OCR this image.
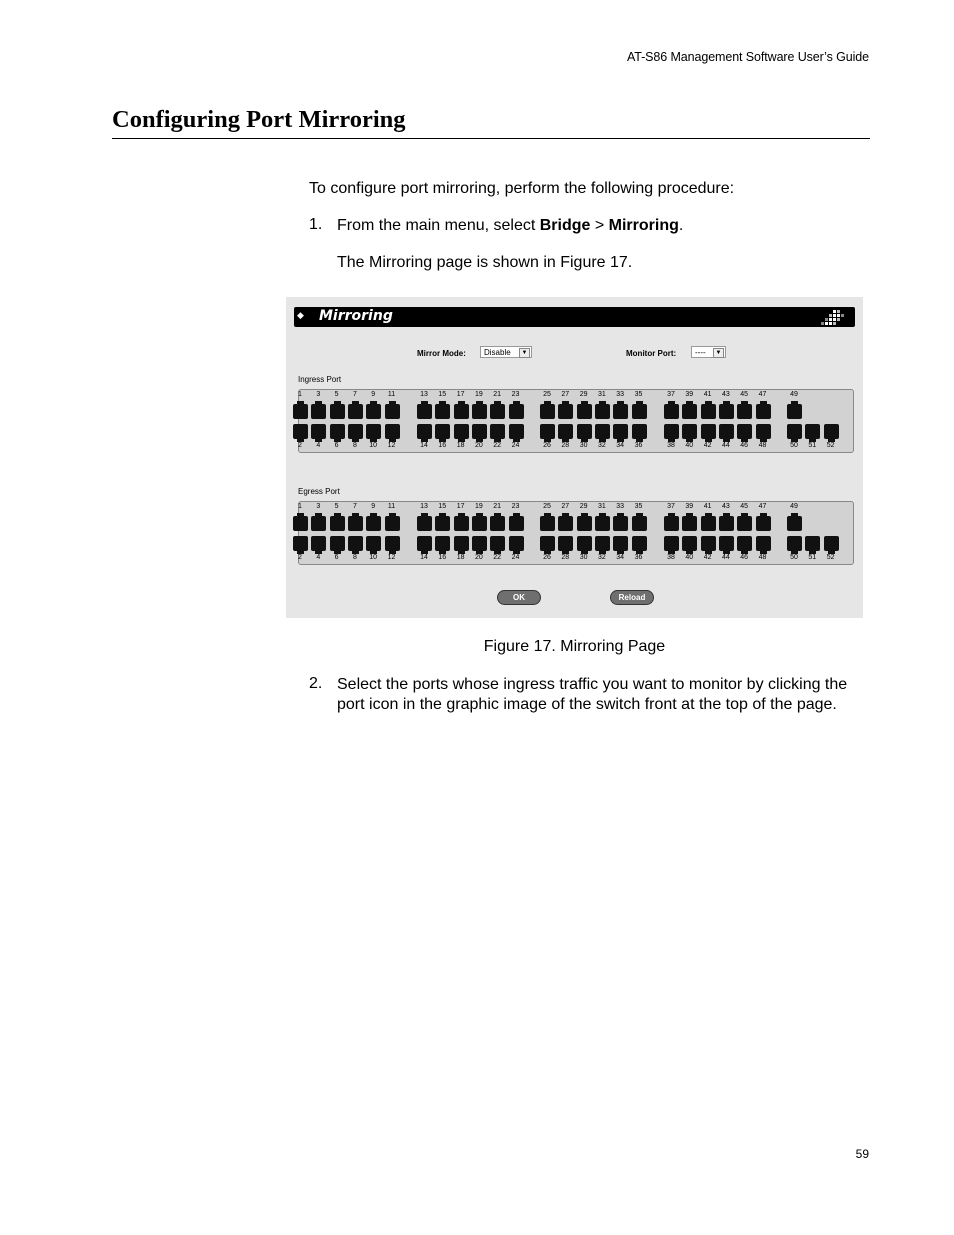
AT-S86 Management Software User’s Guide
Configuring Port Mirroring
To configure port mirroring, perform the following procedure:
1. From the main menu, select Bridge > Mirroring.
The Mirroring page is shown in Figure 17.
◆ Mirroring
Mirror Mode:	Disable	▼	Monitor Port:	----	▼
Ingress Port
1	3	5	7	9	11	13	15	17	19	21	23	25	27	29	31	33	35	37	39	41	43	45	47	49
2	4	6	8	10	12	14	16	18	20	22	24	26	28	30	32	34	36	38	40	42	44	46	48	50	51	52
Egress Port
1	3	5	7	9	11	13	15	17	19	21	23	25	27	29	31	33	35	37	39	41	43	45	47	49
2	4	6	8	10	12	14	16	18	20	22	24	26	28	30	32	34	36	38	40	42	44	46	48	50	51	52
OK	Reload
Figure 17. Mirroring Page
2. Select the ports whose ingress traffic you want to monitor by clicking the port icon in the graphic image of the switch front at the top of the page.
59
